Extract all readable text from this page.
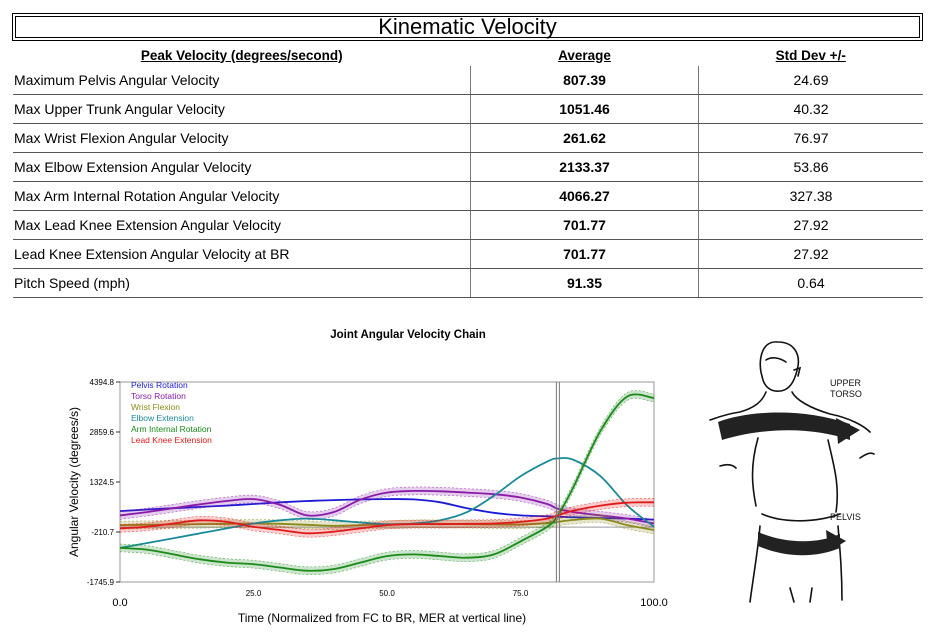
Kinematic Velocity
Peak Velocity (degrees/second)	Average	Std Dev +/-
Maximum Pelvis Angular Velocity	807.39	24.69
Max Upper Trunk Angular Velocity	1051.46	40.32
Max Wrist Flexion Angular Velocity	261.62	76.97
Max Elbow Extension Angular Velocity	2133.37	53.86
Max Arm Internal Rotation Angular Velocity	4066.27	327.38
Max Lead Knee Extension Angular Velocity	701.77	27.92
Lead Knee Extension Angular Velocity at BR	701.77	27.92
Pitch Speed (mph)	91.35	0.64
Joint Angular Velocity Chain
4394.8
2859.6
1324.5
-210.7
-1745.9
0.0
25.0	50.0	75.0
100.0
Time (Normalized from FC to BR, MER at vertical line)
Angular Velocity (degrees/s)
Pelvis Rotation
Torso Rotation
Wrist Flexion
Elbow Extension
Arm Internal Rotation
Lead Knee Extension
UPPER
TORSO
PELVIS
